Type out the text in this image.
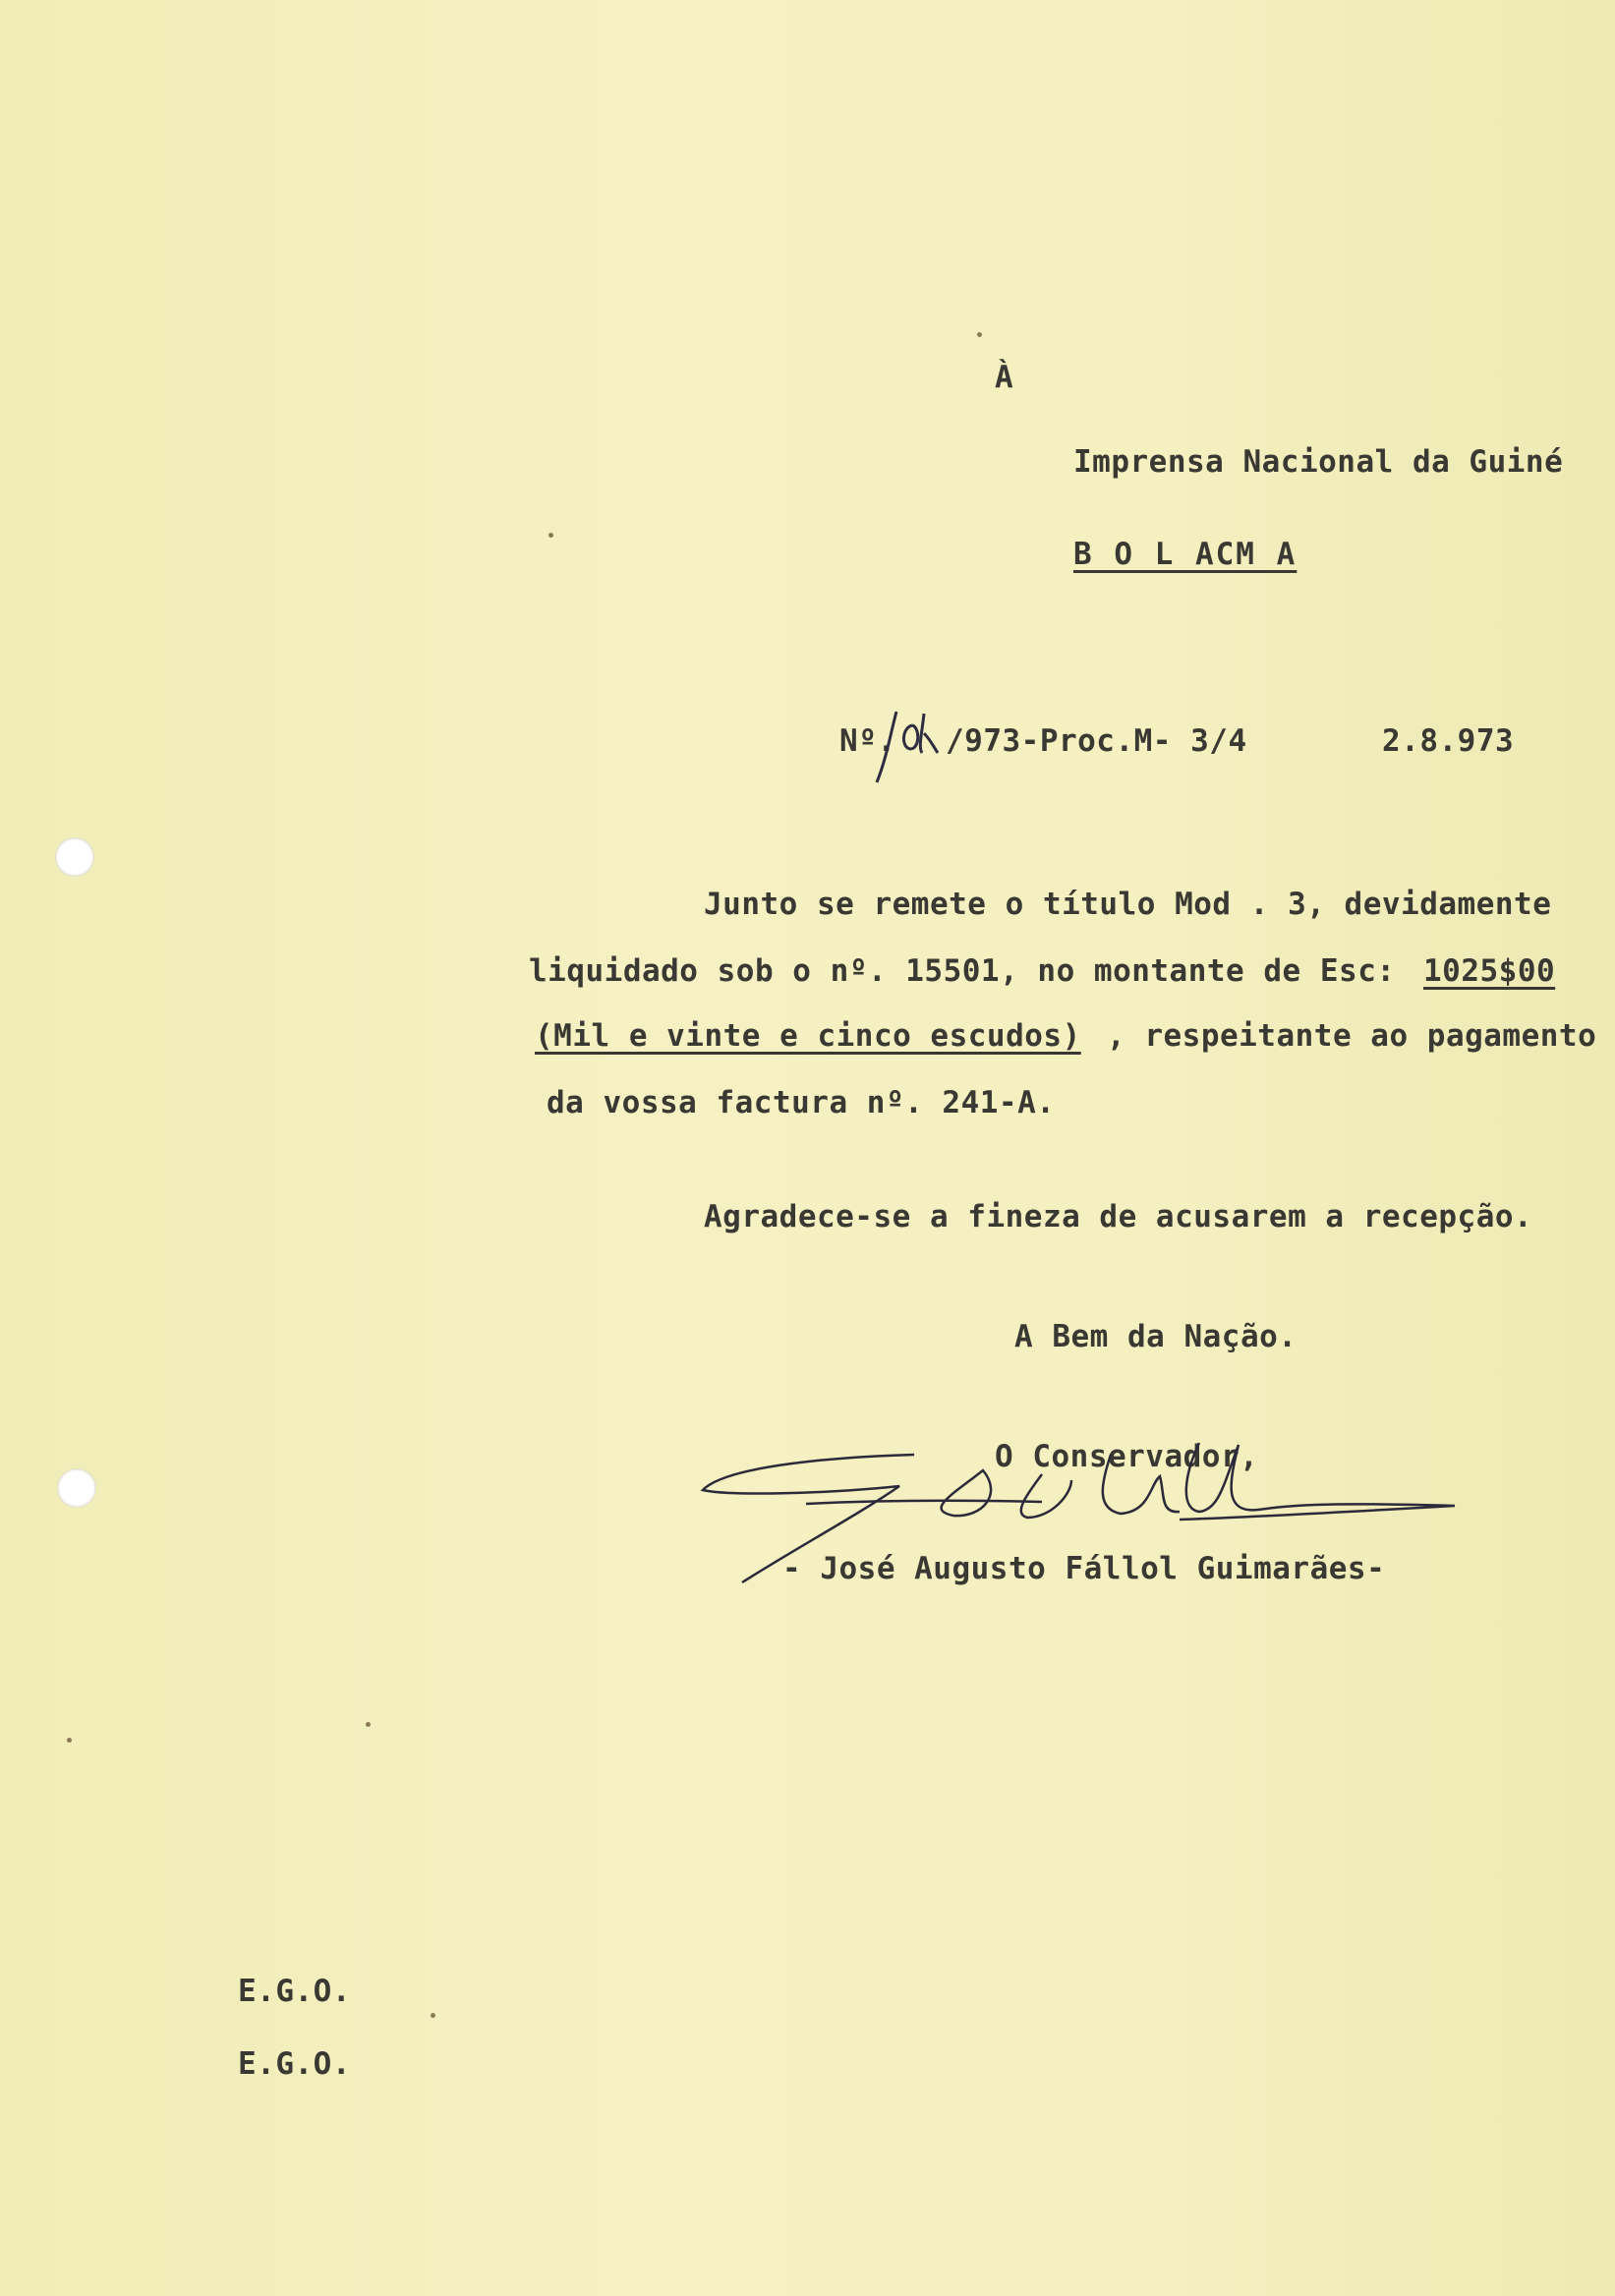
À
Imprensa Nacional da Guiné
B O L ACM A
Nº. /973-Proc.M- 3/4	2.8.973
Junto se remete o título Mod . 3, devidamente
liquidado sob o nº. 15501, no montante de Esc: 1025$00
(Mil e vinte e cinco escudos) , respeitante ao pagamento
da vossa factura nº. 241-A.
Agradece-se a fineza de acusarem a recepção.
A Bem da Nação.
O Conservador,
- José Augusto Fállol Guimarães-
E.G.O.
E.G.O.
